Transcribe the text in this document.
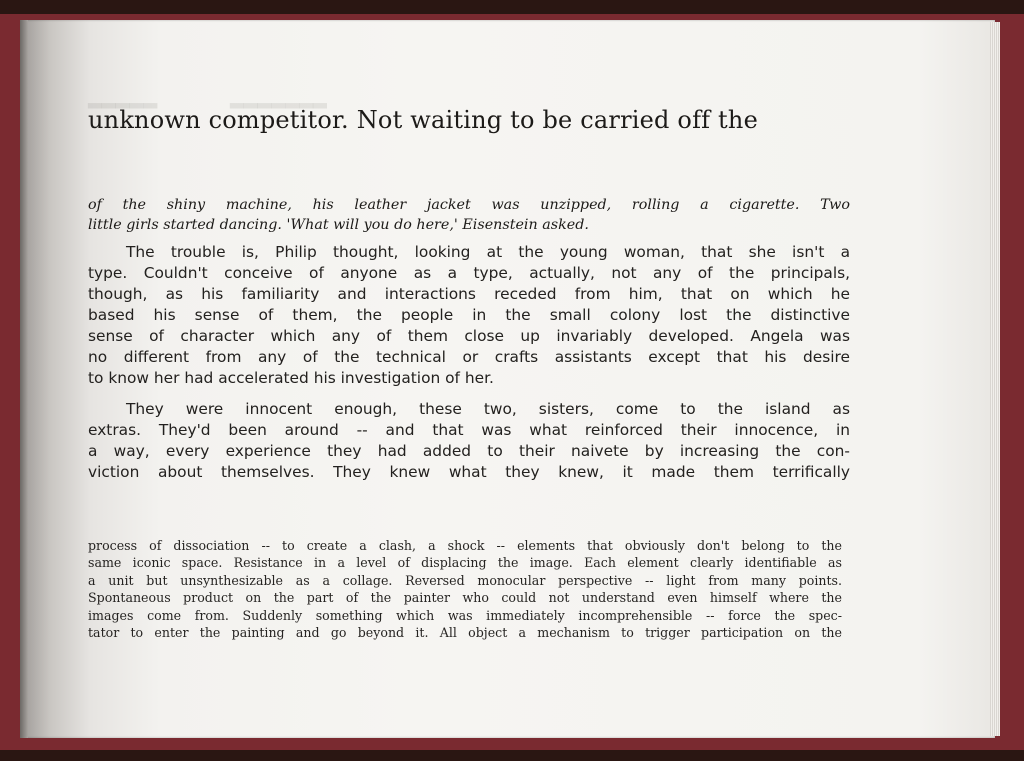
▂▂▂▂▂	▂▂▂▂▂▂▂
unknown competitor. Not waiting to be carried off the
of the shiny machine, his leather jacket was unzipped, rolling a cigarette. Two
little girls started dancing. 'What will you do here,' Eisenstein asked.
The trouble is, Philip thought, looking at the young woman, that she isn't a
type. Couldn't conceive of anyone as a type, actually, not any of the principals,
though, as his familiarity and interactions receded from him, that on which he
based his sense of them, the people in the small colony lost the distinctive
sense of character which any of them close up invariably developed. Angela was
no different from any of the technical or crafts assistants except that his desire
to know her had accelerated his investigation of her.
They were innocent enough, these two, sisters, come to the island as
extras. They'd been around -- and that was what reinforced their innocence, in
a way, every experience they had added to their naivete by increasing the con-
viction about themselves. They knew what they knew, it made them terrifically
process of dissociation -- to create a clash, a shock -- elements that obviously don't belong to the
same iconic space. Resistance in a level of displacing the image. Each element clearly identifiable as
a unit but unsynthesizable as a collage. Reversed monocular perspective -- light from many points.
Spontaneous product on the part of the painter who could not understand even himself where the
images come from. Suddenly something which was immediately incomprehensible -- force the spec-
tator to enter the painting and go beyond it. All object a mechanism to trigger participation on the
